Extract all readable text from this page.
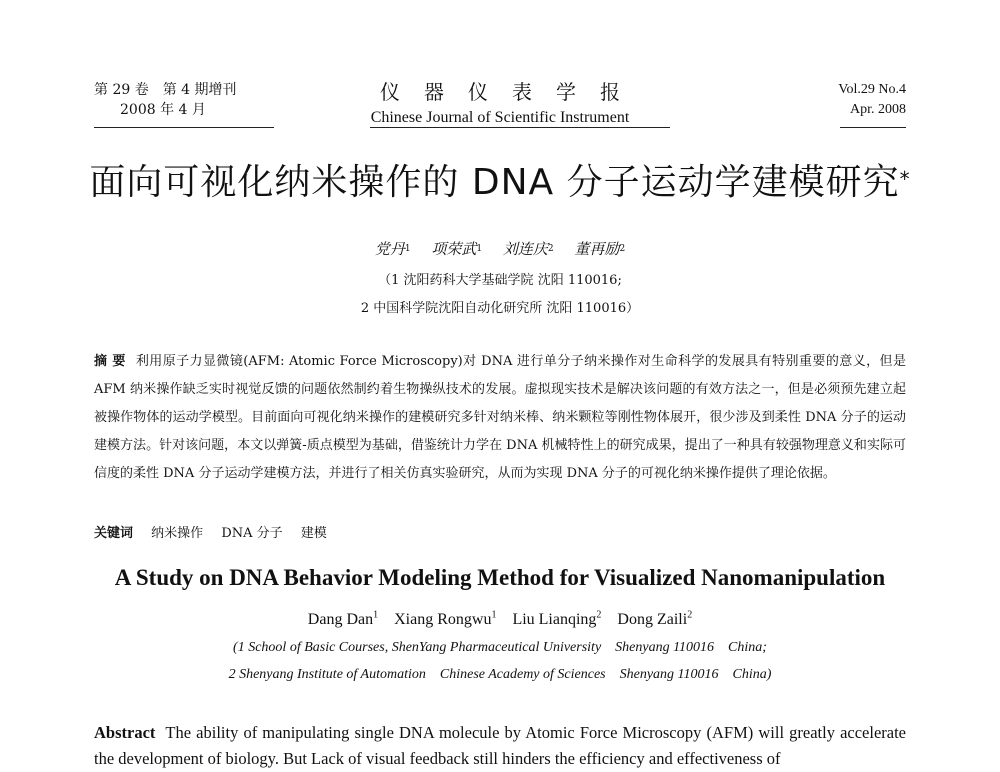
第 29 卷　第 4 期增刊
2008 年 4 月
仪器仪表学报
Chinese Journal of Scientific Instrument
Vol.29 No.4
Apr. 2008
面向可视化纳米操作的 DNA 分子运动学建模研究*
党丹$^1$ 项荣武$^1$ 刘连庆$^2$ 董再励$^2$
（1 沈阳药科大学基础学院 沈阳 110016;
2 中国科学院沈阳自动化研究所 沈阳 110016）
摘 要 利用原子力显微镜(AFM: Atomic Force Microscopy)对 DNA 进行单分子纳米操作对生命科学的发展具有特别重要的意义，但是 AFM 纳米操作缺乏实时视觉反馈的问题依然制约着生物操纵技术的发展。虚拟现实技术是解决该问题的有效方法之一，但是必须预先建立起被操作物体的运动学模型。目前面向可视化纳米操作的建模研究多针对纳米棒、纳米颗粒等刚性物体展开，很少涉及到柔性 DNA 分子的运动建模方法。针对该问题，本文以弹簧-质点模型为基础，借鉴统计力学在 DNA 机械特性上的研究成果，提出了一种具有较强物理意义和实际可信度的柔性 DNA 分子运动学建模方法，并进行了相关仿真实验研究，从而为实现 DNA 分子的可视化纳米操作提供了理论依据。
关键词 纳米操作 DNA 分子 建模
A Study on DNA Behavior Modeling Method for Visualized Nanomanipulation
Dang Dan$^1$ Xiang Rongwu$^1$ Liu Lianqing$^2$ Dong Zaili$^2$
(1 School of Basic Courses, ShenYang Pharmaceutical University　Shenyang 110016　China;
2 Shenyang Institute of Automation　Chinese Academy of Sciences　Shenyang 110016　China)
Abstract The ability of manipulating single DNA molecule by Atomic Force Microscopy (AFM) will greatly accelerate the development of biology. But Lack of visual feedback still hinders the efficiency and effectiveness of
